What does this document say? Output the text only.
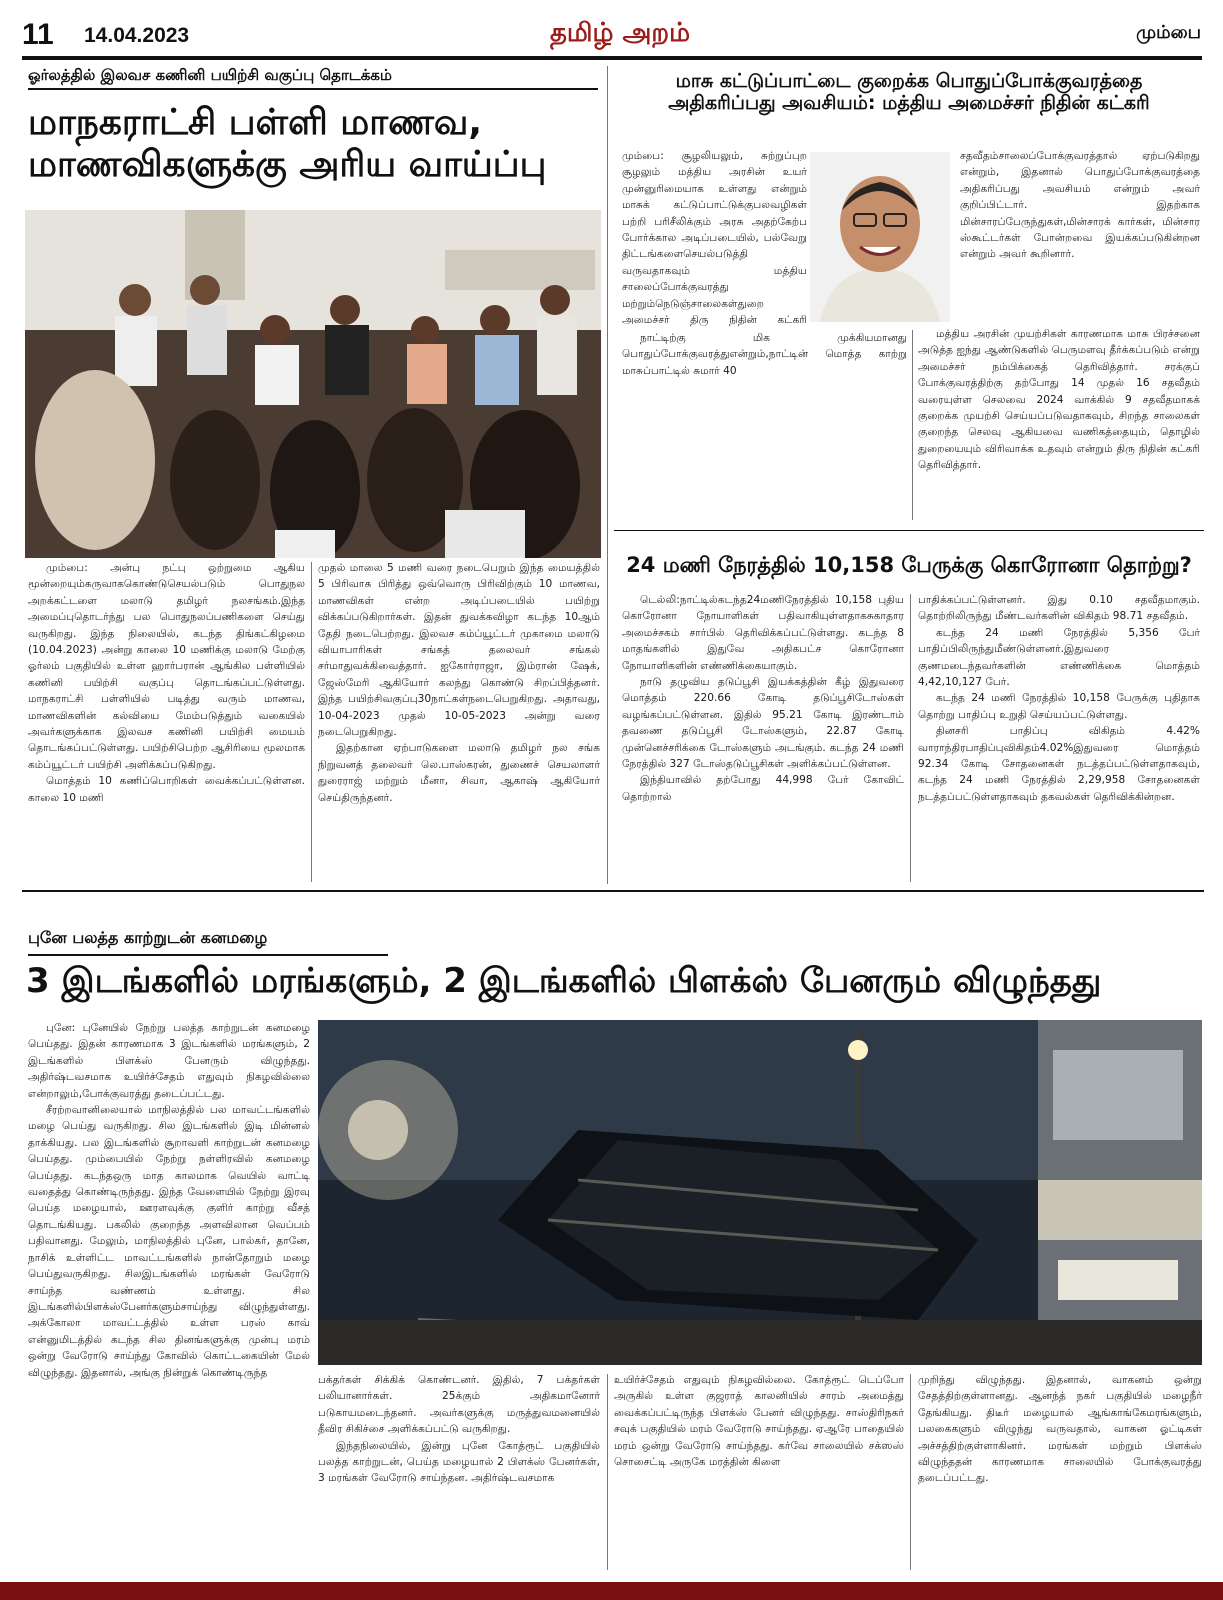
11 14.04.2023	தமிழ் அறம்	மும்பை
ஓர்லத்தில் இலவச கணினி பயிற்சி வகுப்பு தொடக்கம்
மாநகராட்சி பள்ளி மாணவ, மாணவிகளுக்கு அரிய வாய்ப்பு

மும்பை: அன்பு நட்பு ஒற்றுமை ஆகிய மூன்றையும்கருவாககொண்டுசெயல்படும் பொதுநல அறக்கட்டளை மலாடு தமிழர் நலசங்கம்.இந்த அமைப்புதொடர்ந்து பல பொதுநலப்பணிகளை செய்து வருகிறது. இந்த நிலையில், கடந்த திங்கட்கிழமை (10.04.2023) அன்று காலை 10 மணிக்கு மலாடு மேற்கு ஓர்லம் பகுதியில் உள்ள ஹார்பரான் ஆங்கில பள்ளியில் கணினி பயிற்சி வகுப்பு தொடங்கப்பட்டுள்ளது. மாநகராட்சி பள்ளியில் படித்து வரும் மாணவ, மாணவிகளின் கல்வியை மேம்படுத்தும் வகையில் அவர்களுக்காக இலவச கணினி பயிற்சி மையம் தொடங்கப்பட்டுள்ளது. பயிற்சிபெற்ற ஆசிரியை மூலமாக கம்ப்யூட்டர் பயிற்சி அளிக்கப்படுகிறது.

மொத்தம் 10 கணிப்பொறிகள் வைக்கப்பட்டுள்ளன. காலை 10 மணி

முதல் மாலை 5 மணி வரை நடைபெறும் இந்த மையத்தில் 5 பிரிவாக பிரித்து ஒவ்வொரு பிரிவிற்கும் 10 மாணவ, மாணவிகள் என்ற அடிப்படையில் பயிற்று விக்கப்படுகிறார்கள். இதன் துவக்கவிழா கடந்த 10ஆம் தேதி நடைபெற்றது. இலவச கம்ப்யூட்டர் முகாமை மலாடு வியாபாரிகள் சங்கத் தலைவர் சங்கல் சர்மாதுவக்கிவைத்தார். ஐகோர்ராஜா, இம்ரான் ஷேக், ஜேஸ்மேரி ஆகியோர் கலந்து கொண்டு சிறப்பித்தனர். இந்த பயிற்சிவகுப்பு30நாட்கள்நடைபெறுகிறது. அதாவது, 10-04-2023 முதல் 10-05-2023 அன்று வரை நடைபெறுகிறது.

இதற்கான ஏற்பாடுகளை மலாடு தமிழர் நல சங்க நிறுவனத் தலைவர் லெ.பாஸ்கரன், துணைச் செயலாளர் துரைராஜ் மற்றும் மீனா, சிவா, ஆகாஷ் ஆகியோர் செய்திருந்தனர்.

மாசு கட்டுப்பாட்டை குறைக்க பொதுப்போக்குவரத்தை
அதிகரிப்பது அவசியம்: மத்திய அமைச்சர் நிதின் கட்கரி

மும்பை: சூழலியலும், சுற்றுப்புற சூழலும் மத்திய அரசின் உயர் முன்னுரிமையாக உள்ளது என்றும் மாசுக் கட்டுப்பாட்டுக்குபலவழிகள் பற்றி பரிசீலிக்கும் அரசு அதற்கேற்ப போர்க்கால அடிப்படையில், பல்வேறு திட்டங்களைசெயல்படுத்தி வருவதாகவும் மத்திய சாலைப்போக்குவரத்து மற்றும்நெடுஞ்சாலைகள்துறை அமைச்சர் திரு நிதின் கட்கரி

நாட்டிற்கு மிக முக்கியமானது பொதுப்போக்குவரத்துஎன்றும்,நாட்டின் மொத்த காற்று மாசுப்பாட்டில் சுமார் 40

சதவீதம்சாலைப்போக்குவரத்தால் ஏற்படுகிறது என்றும், இதனால் பொதுப்போக்குவரத்தை அதிகரிப்பது அவசியம் என்றும் அவர் குறிப்பிட்டார். இதற்காக மின்சாரப்பேருந்துகள்,மின்சாரக் கார்கள், மின்சார ஸ்கூட்டர்கள் போன்றவை இயக்கப்படுகின்றன என்றும் அவர் கூறினார்.

மத்திய அரசின் முயற்சிகள் காரணமாக மாசு பிரச்சனை அடுத்த ஐந்து ஆண்டுகளில் பெருமளவு தீர்க்கப்படும் என்று அமைச்சர் நம்பிக்கைத் தெரிவித்தார். சரக்குப் போக்குவரத்திற்கு தற்போது 14 முதல் 16 சதவீதம் வரையுள்ள செலவை 2024 வாக்கில் 9 சதவீதமாகக் குறைக்க முயற்சி செய்யப்படுவதாகவும், சிறந்த சாலைகள் குறைந்த செலவு ஆகியவை வணிகத்தையும், தொழில் துறையையும் விரிவாக்க உதவும் என்றும் திரு நிதின் கட்கரி தெரிவித்தார்.

24 மணி நேரத்தில் 10,158 பேருக்கு கொரோனா தொற்று?

டெல்லி:நாட்டில்கடந்த24மணிநேரத்தில் 10,158 புதிய கொரோனா நோயாளிகள் பதிவாகியுள்ளதாகசுகாதார அமைச்சகம் சார்பில் தெரிவிக்கப்பட்டுள்ளது. கடந்த 8 மாதங்களில் இதுவே அதிகபட்ச கொரோனா நோயாளிகளின் எண்ணிக்கையாகும்.

நாடு தழுவிய தடுப்பூசி இயக்கத்தின் கீழ் இதுவரை மொத்தம் 220.66 கோடி தடுப்பூசிடோஸ்கள் வழங்கப்பட்டுள்ளன. இதில் 95.21 கோடி இரண்டாம் தவணை தடுப்பூசி டோஸ்களும், 22.87 கோடி முன்னெச்சரிக்கை டோஸ்களும் அடங்கும். கடந்த 24 மணி நேரத்தில் 327 டோஸ்தடுப்பூசிகள் அளிக்கப்பட்டுள்ளன.

இந்தியாவில் தற்போது 44,998 பேர் கோவிட் தொற்றால்

பாதிக்கப்பட்டுள்ளனர். இது 0.10 சதவீதமாகும். தொற்றிலிருந்து மீண்டவர்களின் விகிதம் 98.71 சதவீதம்.

கடந்த 24 மணி நேரத்தில் 5,356 பேர் பாதிப்பிலிருந்துமீண்டுள்ளனர்.இதுவரை குணமடைந்தவர்களின் எண்ணிக்கை மொத்தம் 4,42,10,127 பேர்.

கடந்த 24 மணி நேரத்தில் 10,158 பேருக்கு புதிதாக தொற்று பாதிப்பு உறுதி செய்யப்பட்டுள்ளது.

தினசரி பாதிப்பு விகிதம் 4.42% வாராந்திரபாதிப்புவிகிதம்4.02%இதுவரை மொத்தம் 92.34 கோடி சோதனைகள் நடத்தப்பட்டுள்ளதாகவும், கடந்த 24 மணி நேரத்தில் 2,29,958 சோதனைகள் நடத்தப்பட்டுள்ளதாகவும் தகவல்கள் தெரிவிக்கின்றன.

புனே பலத்த காற்றுடன் கனமழை
3 இடங்களில் மரங்களும், 2 இடங்களில் பிளக்ஸ் பேனரும் விழுந்தது

புனே: புனேயில் நேற்று பலத்த காற்றுடன் கனமழை பெய்தது. இதன் காரணமாக 3 இடங்களில் மரங்களும், 2 இடங்களில் பிளக்ஸ் பேனரும் விழுந்தது. அதிர்ஷ்டவசமாக உயிர்ச்சேதம் எதுவும் நிகழவில்லை என்றாலும்,போக்குவரத்து தடைப்பட்டது.

சீரற்றவானிலையால் மாநிலத்தில் பல மாவட்டங்களில் மழை பெய்து வருகிறது. சில இடங்களில் இடி மின்னல் தாக்கியது. பல இடங்களில் சூறாவளி காற்றுடன் கனமழை பெய்தது. மும்பையில் நேற்று நள்ளிரவில் கனமழை பெய்தது. கடந்தஒரு மாத காலமாக வெயில் வாட்டி வதைத்து கொண்டிருந்தது. இந்த வேளையில் நேற்று இரவு பெய்த மழையால், ஊரளவுக்கு குளிர் காற்று வீசத் தொடங்கியது. பகலில் குறைந்த அளவிலான வெப்பம் பதிவானது. மேலும், மாநிலத்தில் புனே, பால்கர், தானே, நாசிக் உள்ளிட்ட மாவட்டங்களில் நான்தோறும் மழை பெய்துவருகிறது. சிலஇடங்களில் மரங்கள் வேரோடு சாய்ந்த வண்ணம் உள்ளது. சில இடங்களில்பிளக்ஸ்பேனர்களும்சாய்ந்து விழுந்துள்ளது. அக்கோலா மாவட்டத்தில் உள்ள பரஸ் காவ் என்னுமிடத்தில் கடந்த சில தினங்களுக்கு முன்பு மரம் ஒன்று வேரோடு சாய்ந்து கோவில் கொட்டகையின் மேல் விழுந்தது. இதனால், அங்கு நின்றுக் கொண்டிருந்த

பக்தர்கள் சிக்கிக் கொண்டனர். இதில், 7 பக்தர்கள் பலியானார்கள். 25க்கும் அதிகமானோர் படுகாயமடைந்தனர். அவர்களுக்கு மருத்துவமனையில் தீவிர சிகிச்சை அளிக்கப்பட்டு வருகிறது.

இந்தநிலையில், இன்று புனே கோத்ரூட் பகுதியில் பலத்த காற்றுடன், பெய்த மழையால் 2 பிளக்ஸ் பேனர்கள், 3 மரங்கள் வேரோடு சாய்ந்தன. அதிர்ஷ்டவசமாக

உயிர்ச்சேதம் எதுவும் நிகழவில்லை. கோத்ரூட் டெப்போ அருகில் உள்ள குஜராத் காலனியில் சாரம் அமைத்து வைக்கப்பட்டிருந்த பிளக்ஸ் பேனர் விழுந்தது. சாஸ்திரிநகர் சவுக் பகுதியில் மரம் வேரோடு சாய்ந்தது. ஏஆரே பாதையில் மரம் ஒன்று வேரோடு சாய்ந்தது. கர்வே சாலையில் சக்ஸஸ் சொசைட்டி அருகே மரத்தின் கிளை

முறிந்து விழுந்தது. இதனால், வாகனம் ஒன்று சேதத்திற்குள்ளானது. ஆனந்த் நகர் பகுதியில் மழைநீர் தேங்கியது. திடீர் மழையால் ஆங்காங்கேமரங்களும், பலகைகளும் விழுந்து வருவதால், வாகன ஓட்டிகள் அச்சத்திற்குள்ளாகினர். மரங்கள் மற்றும் பிளக்ஸ் விழுந்ததன் காரணமாக சாலையில் போக்குவரத்து தடைப்பட்டது.
